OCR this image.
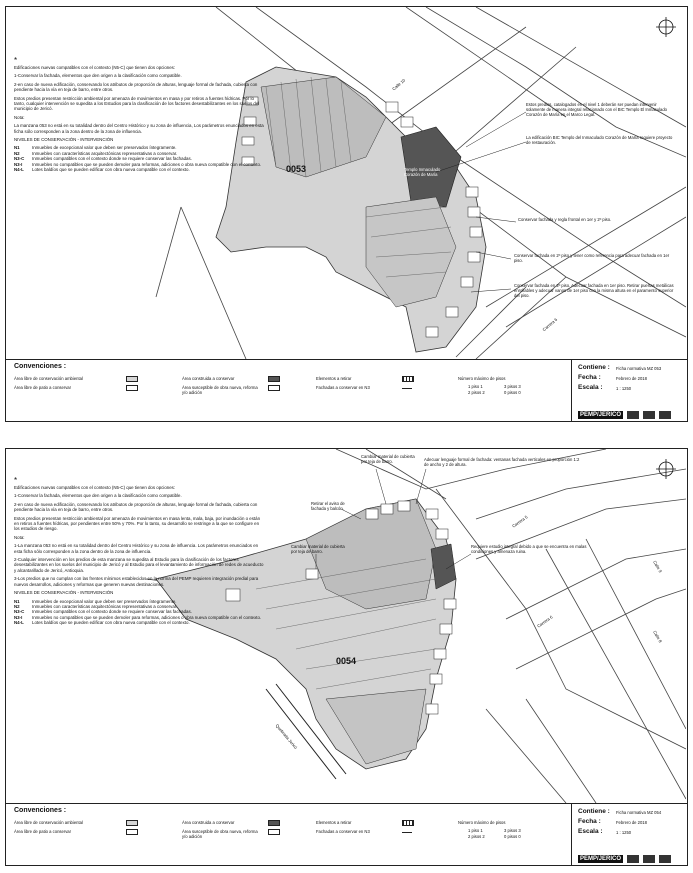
*

Edificaciones nuevas compatibles con el contexto (N5-C) que tienen dos opciones:

1-Conservar la fachada, elementos que den origen a la clasificación como compatible.

2-en caso de nueva edificación, conservando los atributos de proporción de alturas, lenguaje formal de fachada, cubierta con pendiente hacia la vía en teja de barro, entre otros.

Estos predios presentan restricción ambiental por amenaza de movimientos en masa y por retiros a fuentes hídricas. Por lo tanto, cualquier intervención se supedita a los Estudios para la clasificación de los factores desestabilizantes en los suelos del municipio de Jericó.

Nota:

La manzana 053 no está en su totalidad dentro del Centro Histórico y su zona de influencia, Los parámetros enunciados en esta ficha sólo corresponden a la zona dentro de la zona de influencia.

NIVELES DE CONSERVACIÓN - INTERVENCIÓN

N1	Inmuebles de excepcional valor que deben ser preservados íntegramente.
N2	Inmuebles con características arquitectónicas representativas a conservar.
N3-C	Inmuebles compatibles con el contexto donde se requiere conservar las fachadas.
N3-I	Inmuebles no compatibles que se pueden demoler para reformas, adiciones o obra nueva compatible con el contexto.
N4-L	Lotes baldíos que se pueden edificar con obra nueva compatible con el contexto.	0053
Calle 10
Carrera 6
Estos predios, catalogados en el nivel 1 deberán ser puedan intervenir solamente de manera integral relacionado con el BIC Templo El Inmaculado Corazón de María en el Marco Legal.
La edificación BIC Templo del Inmaculado Corazón de María requiere proyecto de restauración.
Templo Inmaculado Corazón de María
Conservar fachada y regla frontal en 1er y 2º piso.
Conservar fachada en 2º piso y tener como referencia para adecuar fachada en 1er piso.
Conservar fachada en 2º piso. Adecuar fachada en 1er piso. Retirar puertas metálicas enrollables y adecuar vanos de 1er piso con la misma altura en el paramento superior del piso.
Convenciones :
Área libre de conservación ambiental
Área libre de patio a conservar
Área construida a conservar
Área susceptible de obra nueva, reforma y/o adición
Elementos a retirar
Fachadas a conservar en N3
Número máximo de pisos
1 piso 1	3 pisos 3
2 pisos 2	0 pisos 0
Contiene : Ficha normativa MZ 053
Fecha :	Febrero de 2018
Escala :	1 : 1250
PEMP/JERICÓ
*

Edificaciones nuevas compatibles con el contexto (N5-C) que tienen dos opciones:

1-Conservar la fachada, elementos que den origen a la clasificación como compatible.

2-en caso de nueva edificación, conservando los atributos de proporción de alturas, lenguaje formal de fachada, cubierta con pendiente hacia la vía en teja de barro, entre otros.

Estos predios presentan restricción ambiental por amenaza de movimientos en masa lenta, mala, baja, por inundación o están en retiros a fuentes hídricas, por pendientes entre 50% y 70%. Por lo tanto, su desarrollo se restringe a la que se configure en los estudios de riesgo.

Nota:

1-La manzana 053 no está en su totalidad dentro del Centro Histórico y su zona de influencia. Los parámetros enunciados en esta ficha sólo corresponden a la zona dentro de la zona de influencia.

2-Cualquier intervención en los predios de esta manzana se supedita al Estudio para la clasificación de los factores desestabilizantes en los suelos del municipio de Jericó y al Estudio para el levantamiento de información de redes de acueducto y alcantarillado de Jericó, Antioquia.

3-Los predios que no cumplan con las frentes mínimos establecidos en la norma del PEMP requieren integración predial para nuevos desarrollos, adiciones y reformas que generen nuevas destinaciones.

NIVELES DE CONSERVACIÓN - INTERVENCIÓN

N1	Inmuebles de excepcional valor que deben ser preservados íntegramente.
N2	Inmuebles con características arquitectónicas representativas a conservar.
N3-C	Inmuebles compatibles con el contexto donde se requiere conservar las fachadas.
N3-I	Inmuebles no compatibles que se pueden demoler para reformas, adiciones o obra nueva compatible con el contexto.
N4-L	Lotes baldíos que se pueden edificar con obra nueva compatible con el contexto.
0054
Carrera 5
Carrera 6
Calle 8
Calle 9
Quebrada Jericó
Cambiar material de cubierta por teja de barro.	Adecuar lenguaje formal de fachada: ventanas fachada verticales en proporción 1:2 de ancho y 2 de altura.
Retirar el aviso de fachada y balcón.
Cambiar material de cubierta por teja de barro.
Requiere estudio integral debido a que se encuentra en malas condiciones y amenaza ruina.
Convenciones :
Área libre de conservación ambiental
Área libre de patio a conservar
Área construida a conservar
Área susceptible de obra nueva, reforma y/o adición
Elementos a retirar
Fachadas a conservar en N3
Número máximo de pisos
1 piso 1	3 pisos 3
2 pisos 2	0 pisos 0
Contiene : Ficha normativa MZ 054
Fecha :	Febrero de 2018
Escala :	1 : 1250
PEMP/JERICÓ
